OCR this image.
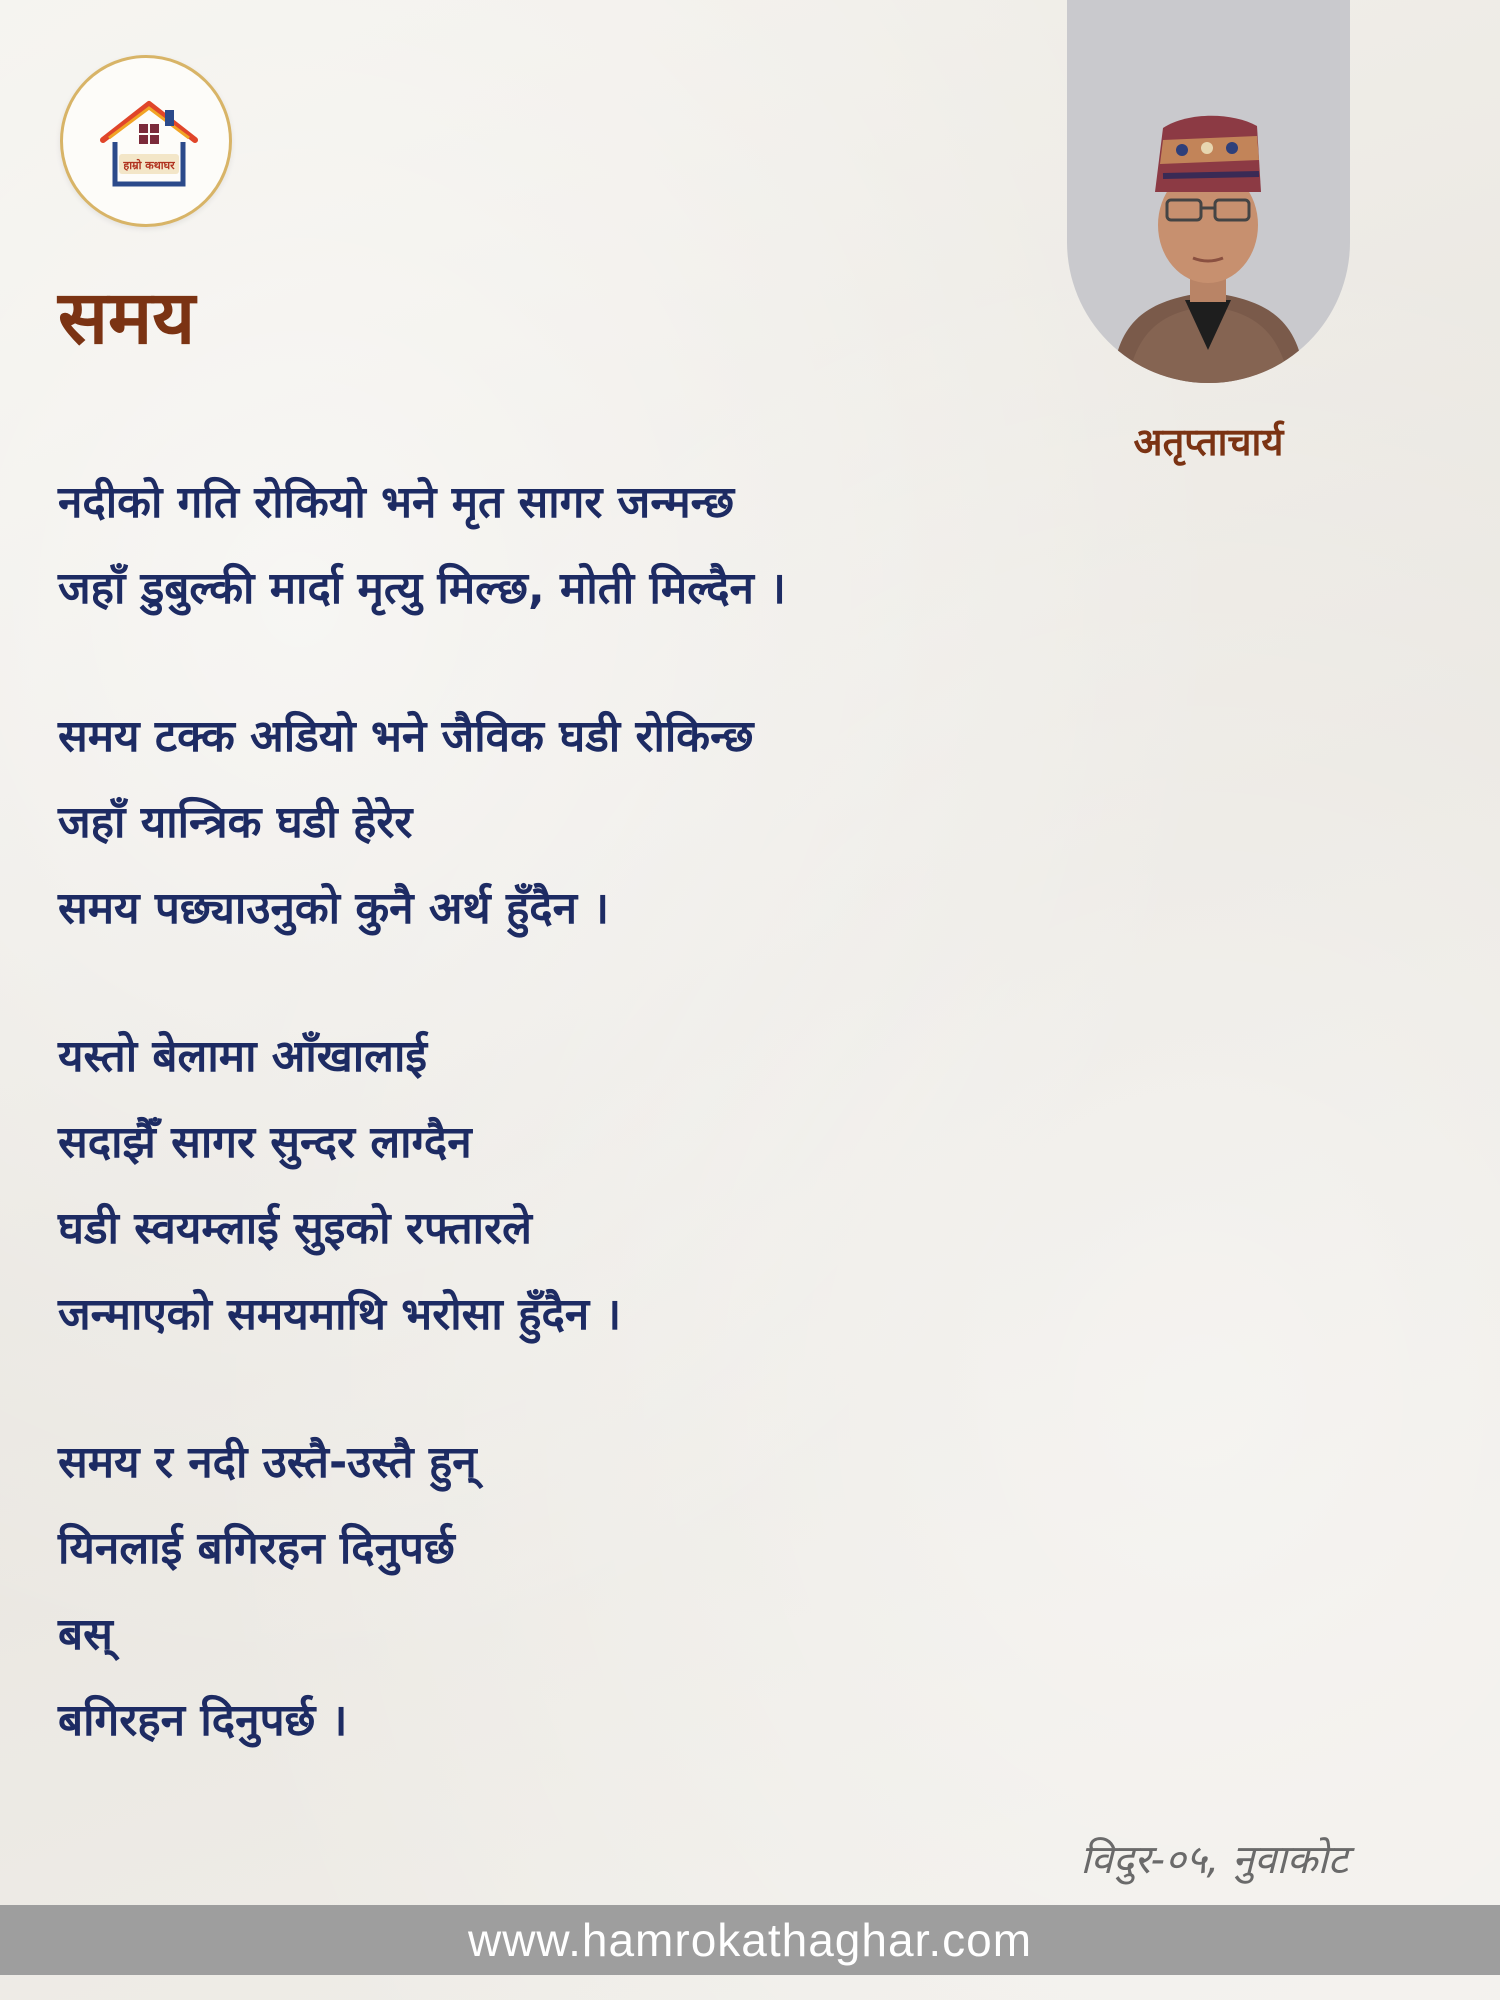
हाम्रो कथाघर
समय
अतृप्ताचार्य
नदीको गति रोकियो भने मृत सागर जन्मन्छ
जहाँ डुबुल्की मार्दा मृत्यु मिल्छ, मोती मिल्दैन ।
समय टक्क अडियो भने जैविक घडी रोकिन्छ
जहाँ यान्त्रिक घडी हेरेर
समय पछ्याउनुको कुनै अर्थ हुँदैन ।
यस्तो बेलामा आँखालाई
सदाझैँ सागर सुन्दर लाग्दैन
घडी स्वयम्लाई सुइको रफ्तारले
जन्माएको समयमाथि भरोसा हुँदैन ।
समय र नदी उस्तै-उस्तै हुन्
यिनलाई बगिरहन दिनुपर्छ
बस्
बगिरहन दिनुपर्छ ।
विदुर-०५, नुवाकोट
www.hamrokathaghar.com
